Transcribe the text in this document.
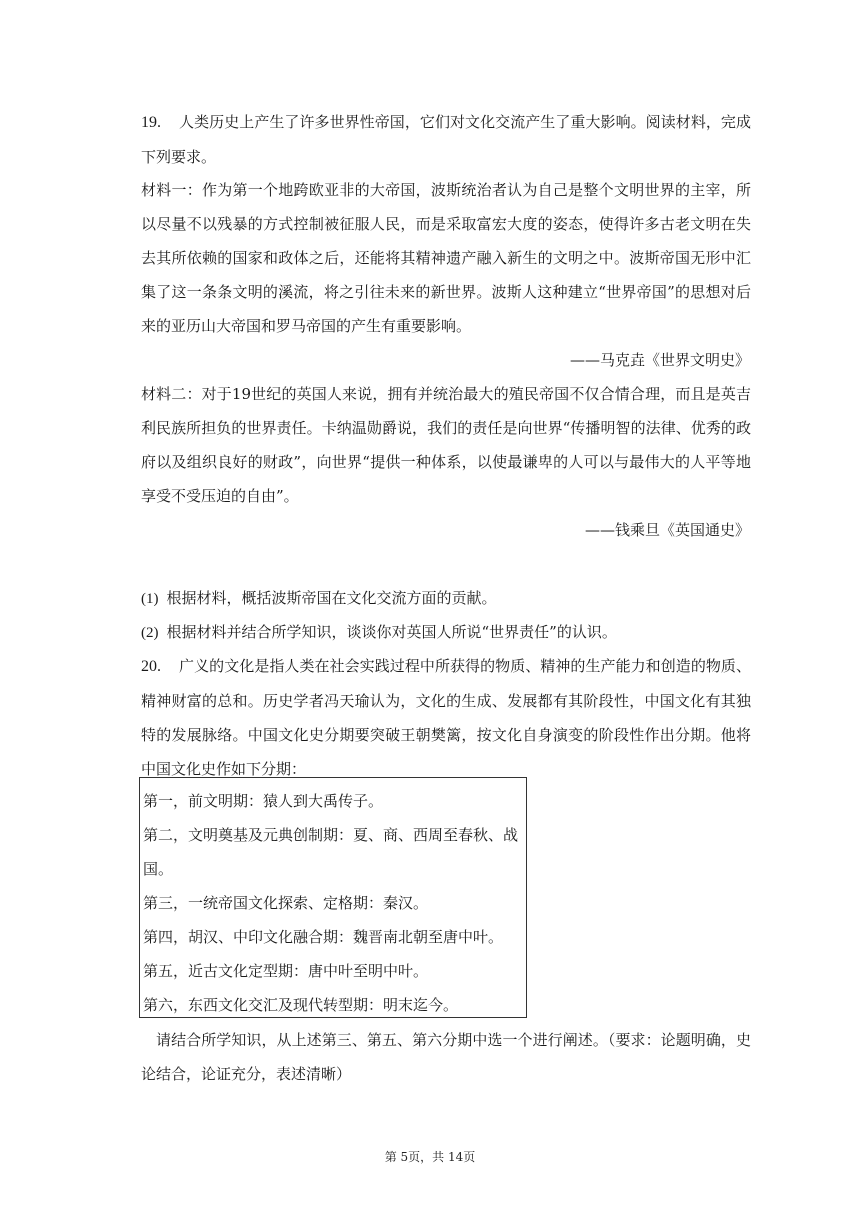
19. 人类历史上产生了许多世界性帝国，它们对文化交流产生了重大影响。阅读材料，完成下列要求。
材料一：作为第一个地跨欧亚非的大帝国，波斯统治者认为自己是整个文明世界的主宰，所以尽量不以残暴的方式控制被征服人民，而是采取富宏大度的姿态，使得许多古老文明在失去其所依赖的国家和政体之后，还能将其精神遗产融入新生的文明之中。波斯帝国无形中汇集了这一条条文明的溪流，将之引往未来的新世界。波斯人这种建立“世界帝国”的思想对后来的亚历山大帝国和罗马帝国的产生有重要影响。
——马克垚《世界文明史》
材料二：对于19世纪的英国人来说，拥有并统治最大的殖民帝国不仅合情合理，而且是英吉利民族所担负的世界责任。卡纳温勋爵说，我们的责任是向世界“传播明智的法律、优秀的政府以及组织良好的财政”，向世界“提供一种体系，以使最谦卑的人可以与最伟大的人平等地享受不受压迫的自由”。
——钱乘旦《英国通史》
(1) 根据材料，概括波斯帝国在文化交流方面的贡献。
(2) 根据材料并结合所学知识，谈谈你对英国人所说“世界责任”的认识。
20. 广义的文化是指人类在社会实践过程中所获得的物质、精神的生产能力和创造的物质、精神财富的总和。历史学者冯天瑜认为，文化的生成、发展都有其阶段性，中国文化有其独特的发展脉络。中国文化史分期要突破王朝樊篱，按文化自身演变的阶段性作出分期。他将中国文化史作如下分期：
第一，前文明期：猿人到大禹传子。
第二，文明奠基及元典创制期：夏、商、西周至春秋、战国。
第三，一统帝国文化探索、定格期：秦汉。
第四，胡汉、中印文化融合期：魏晋南北朝至唐中叶。
第五，近古文化定型期：唐中叶至明中叶。
第六，东西文化交汇及现代转型期：明末迄今。
请结合所学知识，从上述第三、第五、第六分期中选一个进行阐述。（要求：论题明确，史论结合，论证充分，表述清晰）
第 5页，共 14页
